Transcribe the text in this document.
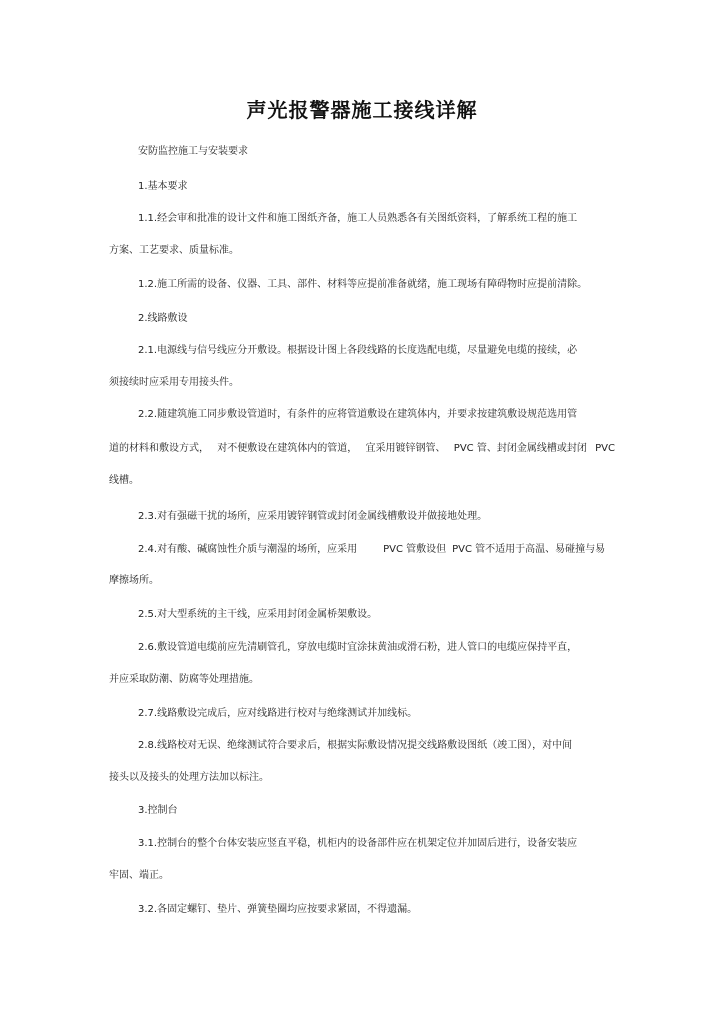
声光报警器施工接线详解
安防监控施工与安装要求
1.基本要求
1.1.经会审和批准的设计文件和施工图纸齐备，施工人员熟悉各有关图纸资料，了解系统工程的施工
方案、工艺要求、质量标准。
1.2.施工所需的设备、仪器、工具、部件、材料等应提前准备就绪，施工现场有障碍物时应提前清除。
2.线路敷设
2.1.电源线与信号线应分开敷设。根据设计图上各段线路的长度选配电缆，尽量避免电缆的接续，必
须接续时应采用专用接头件。
2.2.随建筑施工同步敷设管道时，有条件的应将管道敷设在建筑体内，并要求按建筑敷设规范选用管
道的材料和敷设方式， 对不便敷设在建筑体内的管道， 宜采用镀锌钢管、 PVC 管、封闭金属线槽或封闭 PVC
线槽。
2.3.对有强磁干扰的场所，应采用镀锌钢管或封闭金属线槽敷设并做接地处理。
2.4.对有酸、碱腐蚀性介质与潮湿的场所，应采用	PVC 管敷设但 PVC 管不适用于高温、易碰撞与易
摩擦场所。
2.5.对大型系统的主干线，应采用封闭金属桥架敷设。
2.6.敷设管道电缆前应先清刷管孔，穿放电缆时宜涂抹黄油或滑石粉，进人管口的电缆应保持平直，
并应采取防潮、防腐等处理措施。
2.7.线路敷设完成后，应对线路进行校对与绝缘测试并加线标。
2.8.线路校对无误、绝缘测试符合要求后，根据实际敷设情况提交线路敷设图纸（竣工图），对中间
接头以及接头的处理方法加以标注。
3.控制台
3.1.控制台的整个台体安装应竖直平稳，机柜内的设备部件应在机架定位并加固后进行，设备安装应
牢固、端正。
3.2.各固定螺钉、垫片、弹簧垫圈均应按要求紧固，不得遗漏。
